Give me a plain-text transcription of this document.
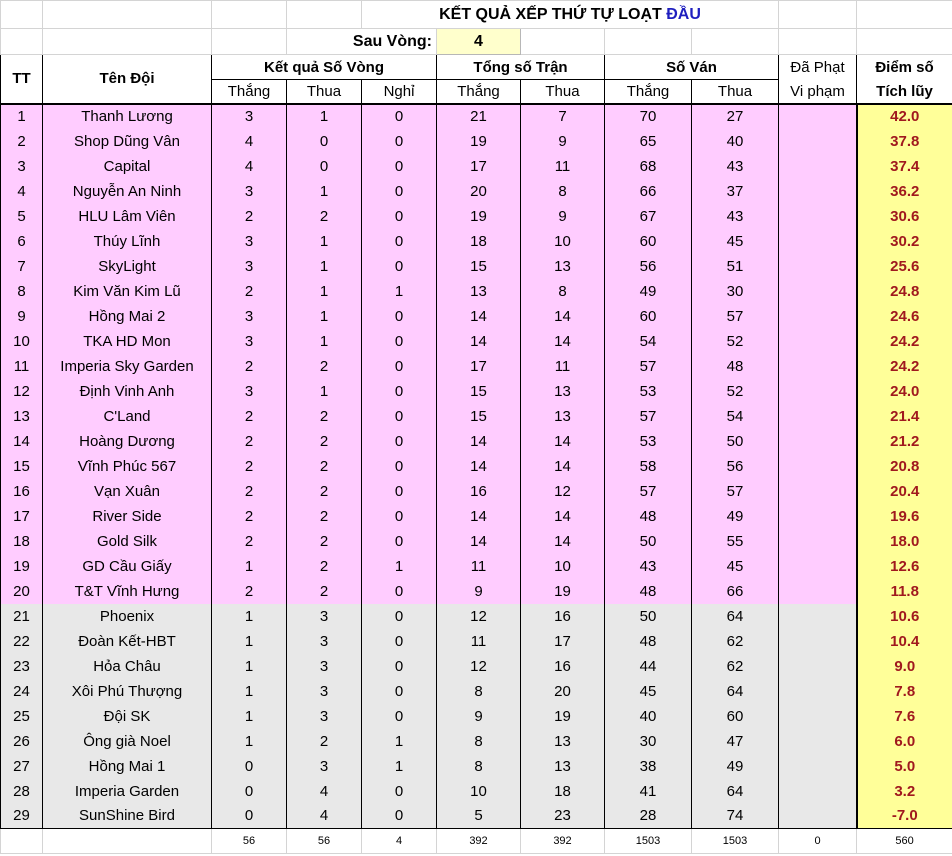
				KẾT QUẢ XẾP THỨ TỰ LOẠT ĐẦU						
			Sau Vòng:		4					
TT	Tên Đội	Kết quả Số Vòng			Tổng số Trận		Số Ván		Đã Phạt	Điểm số
		Thắng	Thua	Nghỉ	Thắng	Thua	Thắng	Thua	Vi phạm	Tích lũy
1	Thanh Lương	3	1	0	21	7	70	27		42.0
2	Shop Dũng Vân	4	0	0	19	9	65	40		37.8
3	Capital	4	0	0	17	11	68	43		37.4
4	Nguyễn An Ninh	3	1	0	20	8	66	37		36.2
5	HLU Lâm Viên	2	2	0	19	9	67	43		30.6
6	Thúy Lĩnh	3	1	0	18	10	60	45		30.2
7	SkyLight	3	1	0	15	13	56	51		25.6
8	Kim Văn Kim Lũ	2	1	1	13	8	49	30		24.8
9	Hồng Mai 2	3	1	0	14	14	60	57		24.6
10	TKA HD Mon	3	1	0	14	14	54	52		24.2
11	Imperia Sky Garden	2	2	0	17	11	57	48		24.2
12	Định Vinh Anh	3	1	0	15	13	53	52		24.0
13	C'Land	2	2	0	15	13	57	54		21.4
14	Hoàng Dương	2	2	0	14	14	53	50		21.2
15	Vĩnh Phúc 567	2	2	0	14	14	58	56		20.8
16	Vạn Xuân	2	2	0	16	12	57	57		20.4
17	River Side	2	2	0	14	14	48	49		19.6
18	Gold Silk	2	2	0	14	14	50	55		18.0
19	GD Cầu Giấy	1	2	1	11	10	43	45		12.6
20	T&T Vĩnh Hưng	2	2	0	9	19	48	66		11.8
21	Phoenix	1	3	0	12	16	50	64		10.6
22	Đoàn Kết-HBT	1	3	0	11	17	48	62		10.4
23	Hỏa Châu	1	3	0	12	16	44	62		9.0
24	Xôi Phú Thượng	1	3	0	8	20	45	64		7.8
25	Đội SK	1	3	0	9	19	40	60		7.6
26	Ông già Noel	1	2	1	8	13	30	47		6.0
27	Hồng Mai 1	0	3	1	8	13	38	49		5.0
28	Imperia Garden	0	4	0	10	18	41	64		3.2
29	SunShine Bird	0	4	0	5	23	28	74		-7.0
		56	56	4	392	392	1503	1503	0	560
